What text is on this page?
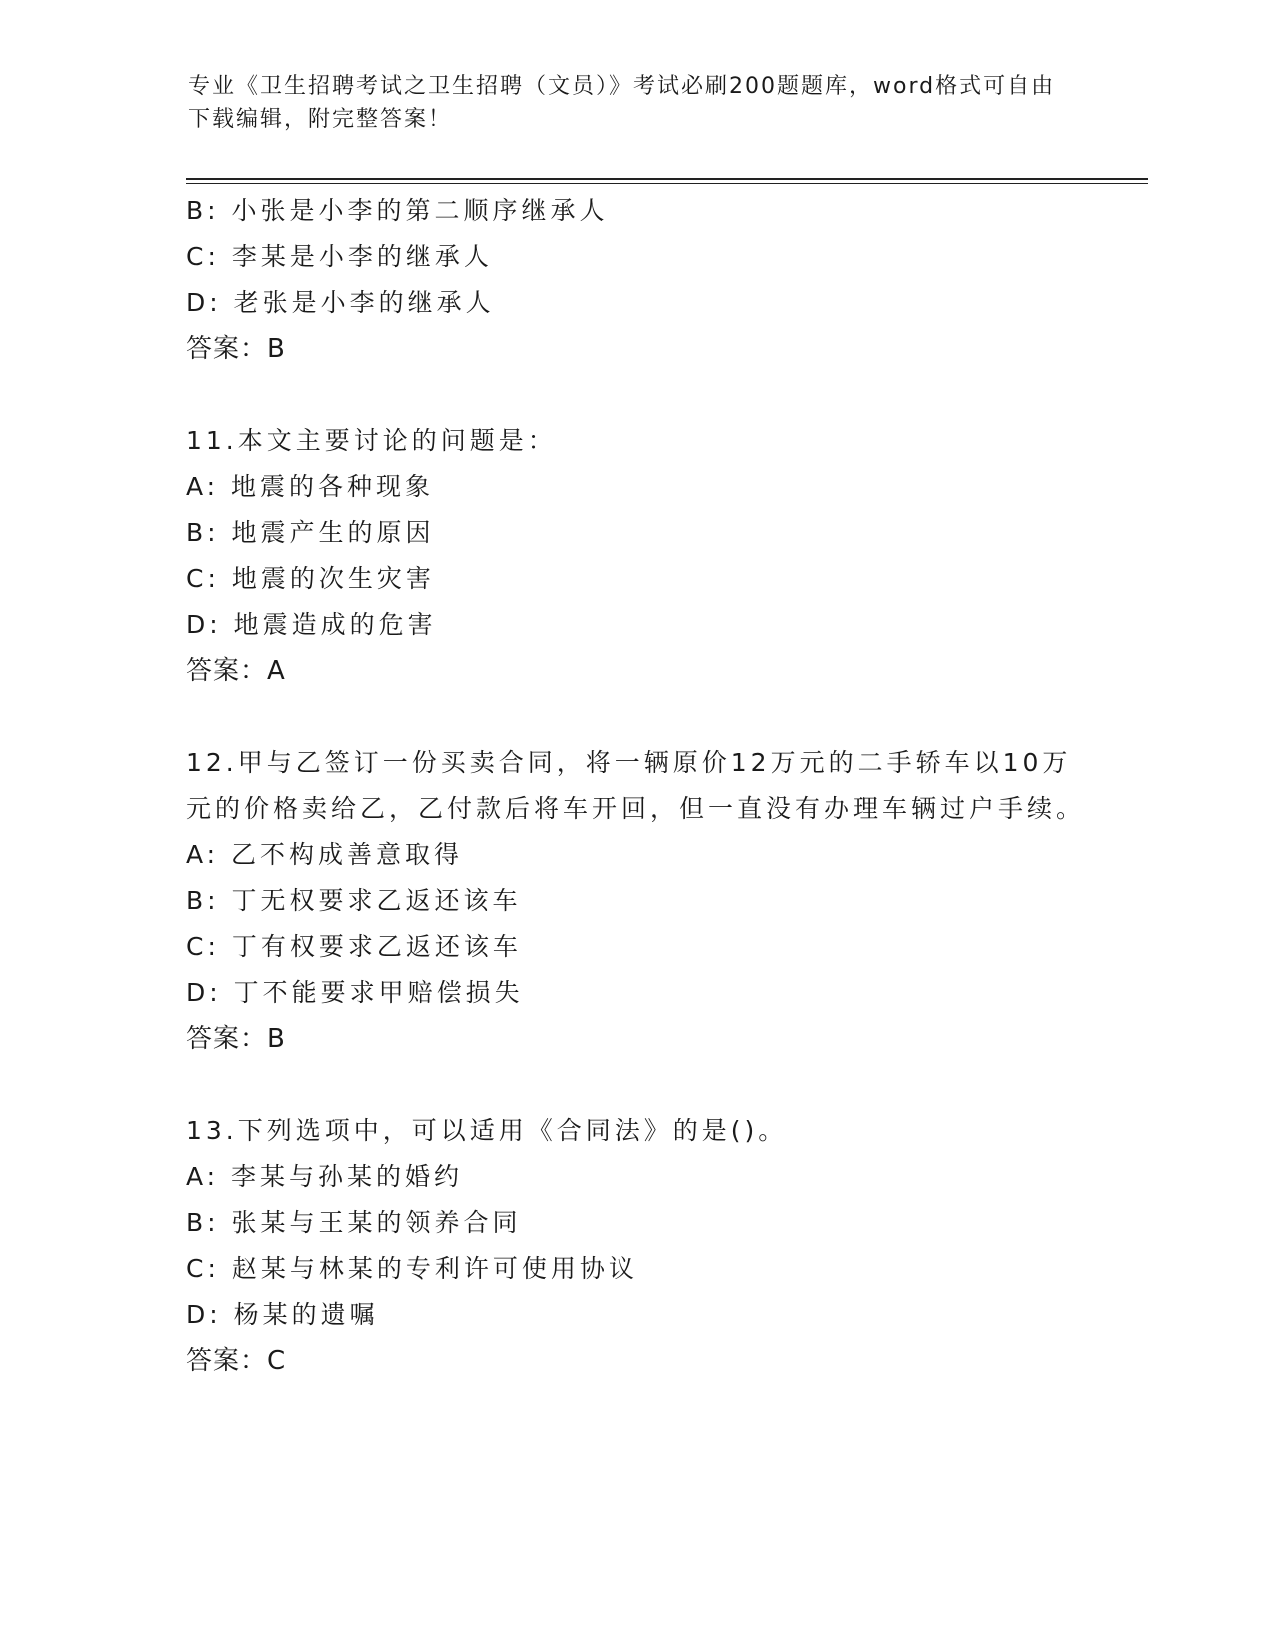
专业《卫生招聘考试之卫生招聘（文员）》考试必刷200题题库，word格式可自由下载编辑，附完整答案！
B: 小张是小李的第二顺序继承人
C: 李某是小李的继承人
D: 老张是小李的继承人
答案：B
11.本文主要讨论的问题是：
A: 地震的各种现象
B: 地震产生的原因
C: 地震的次生灾害
D: 地震造成的危害
答案：A
12.甲与乙签订一份买卖合同，将一辆原价12万元的二手轿车以10万元的价格卖给乙，乙付款后将车开回，但一直没有办理车辆过户手续。
A: 乙不构成善意取得
B: 丁无权要求乙返还该车
C: 丁有权要求乙返还该车
D: 丁不能要求甲赔偿损失
答案：B
13.下列选项中，可以适用《合同法》的是()。
A: 李某与孙某的婚约
B: 张某与王某的领养合同
C: 赵某与林某的专利许可使用协议
D: 杨某的遗嘱
答案：C
